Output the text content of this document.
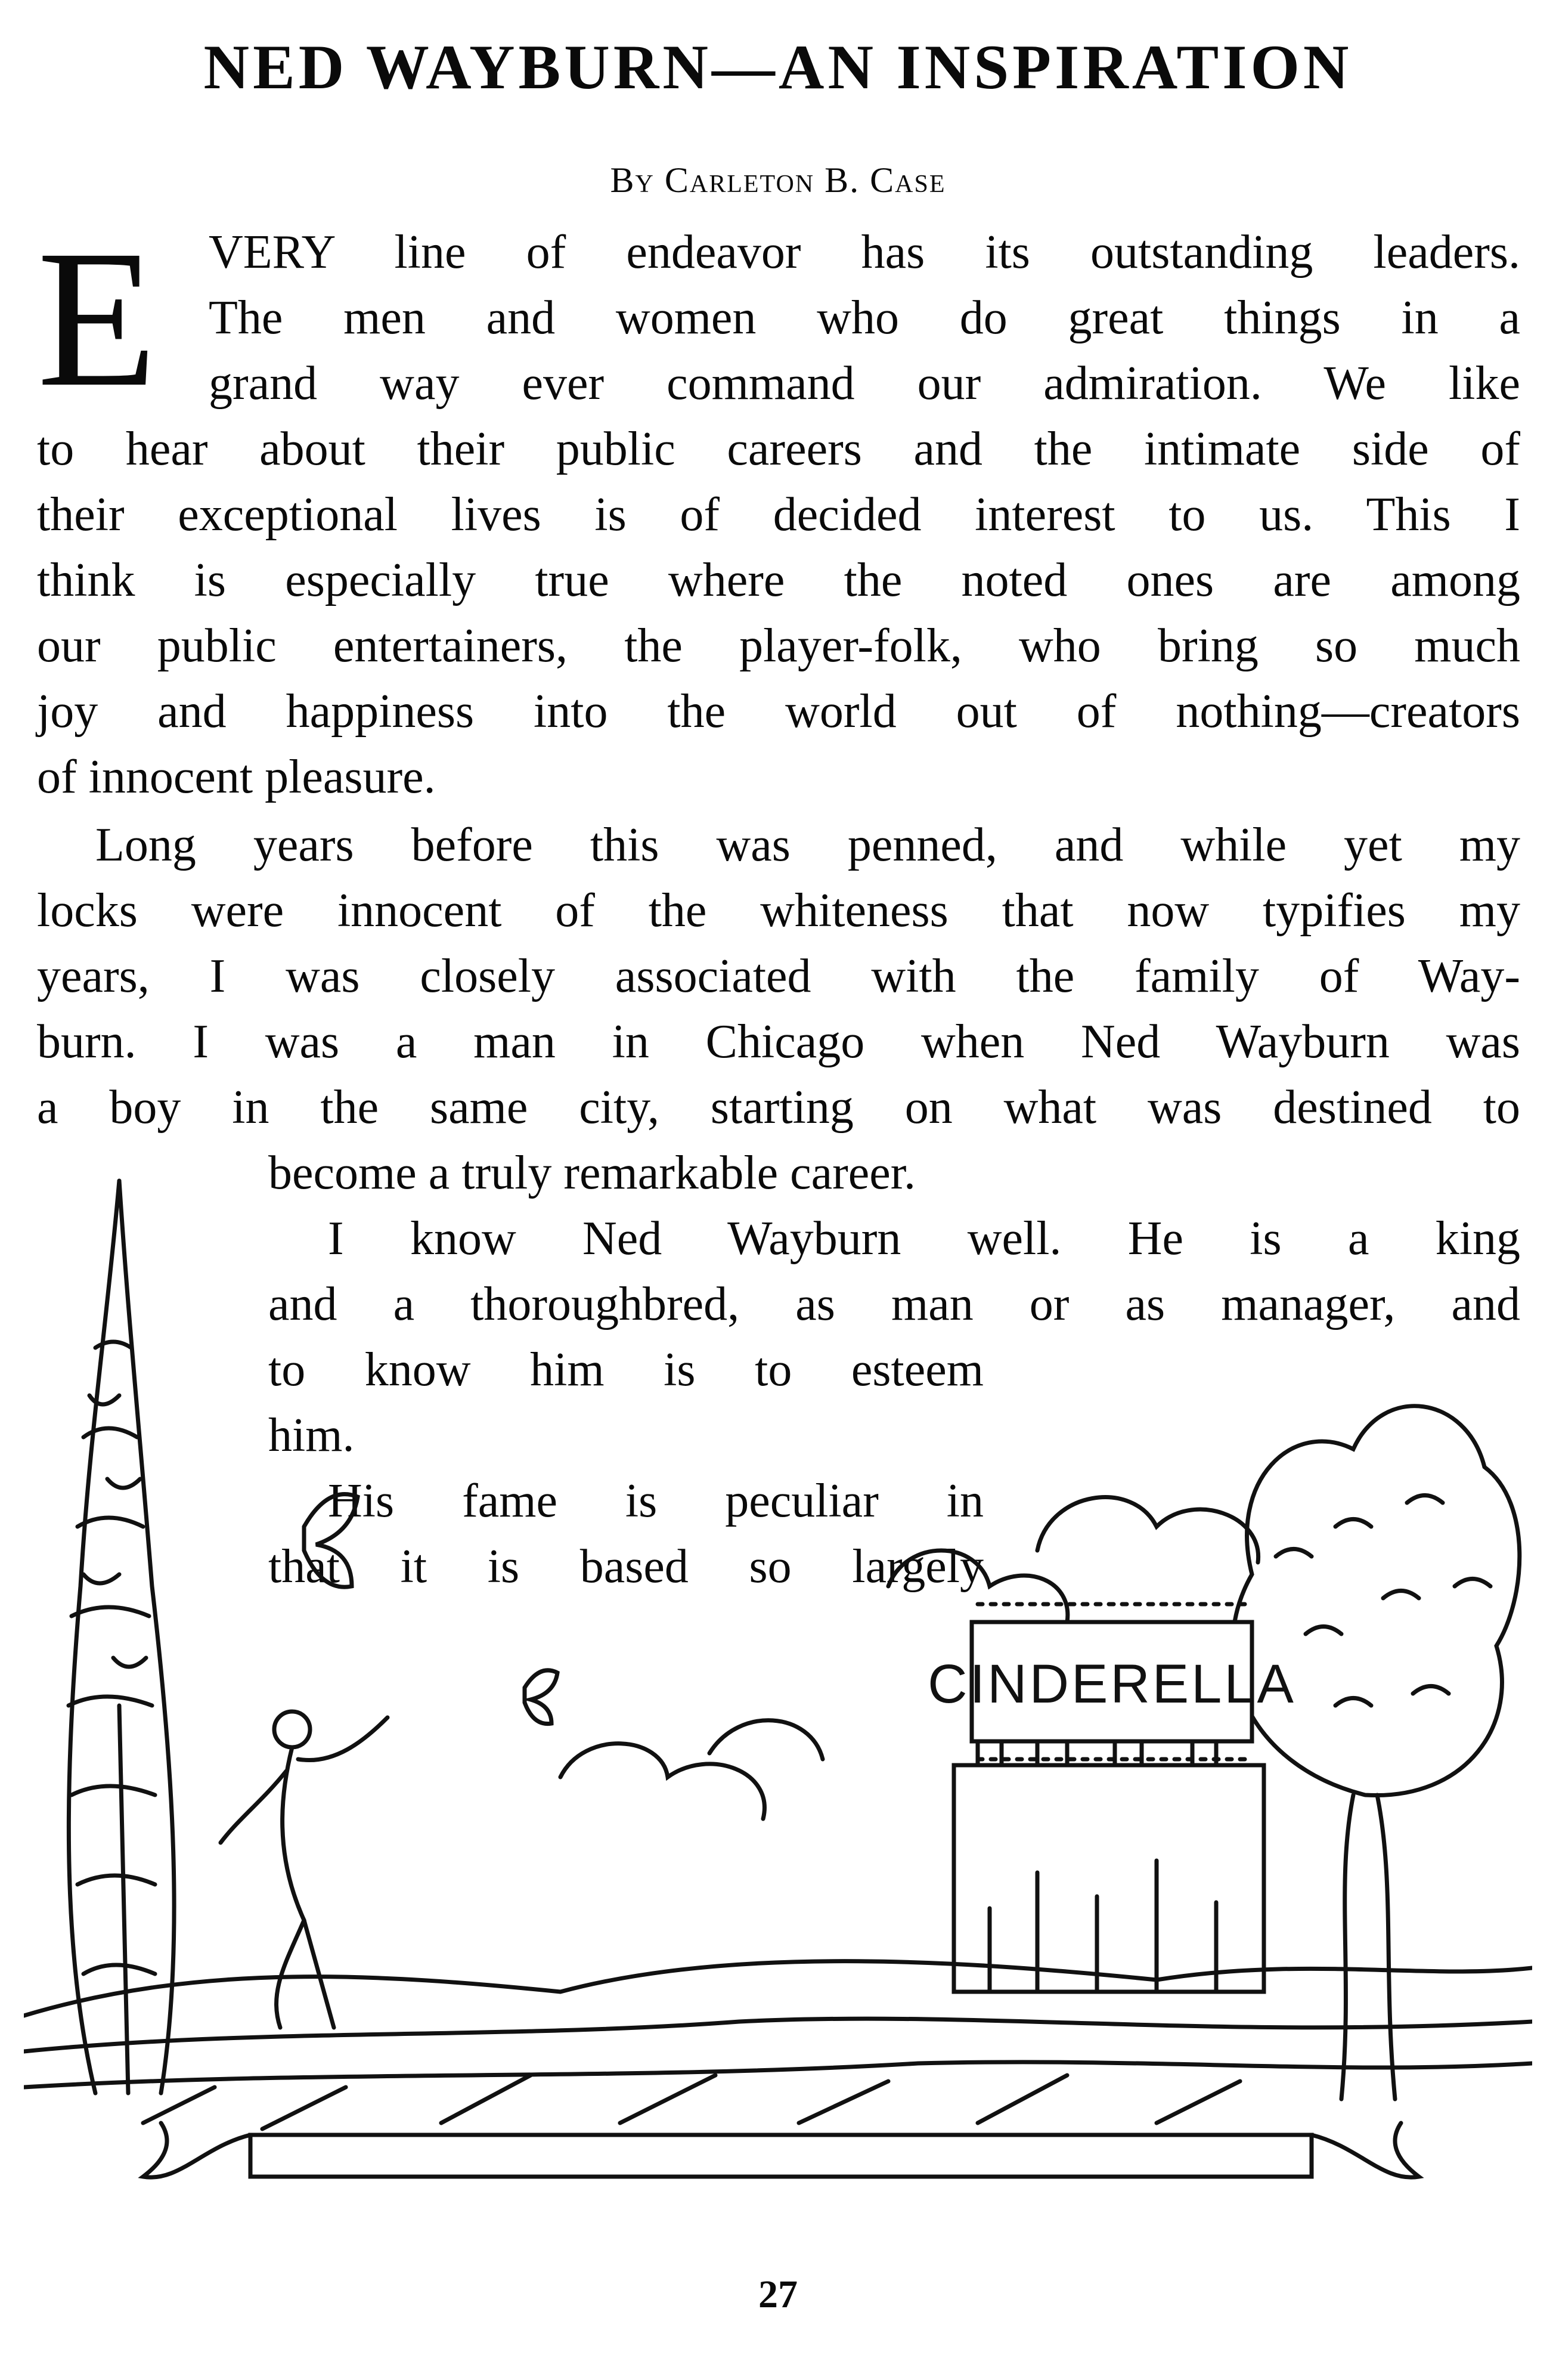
NED WAYBURN—AN INSPIRATION
By Carleton B. Case
E VERY line of endeavor has its outstanding leaders.
The men and women who do great things in a
grand way ever command our admiration. We like
to hear about their public careers and the intimate side of
their exceptional lives is of decided interest to us. This I
think is especially true where the noted ones are among
our public entertainers, the player-folk, who bring so much
joy and happiness into the world out of nothing—creators
of innocent pleasure.
Long years before this was penned, and while yet my
locks were innocent of the whiteness that now typifies my
years, I was closely associated with the family of Way-
burn. I was a man in Chicago when Ned Wayburn was
a boy in the same city, starting on what was destined to
become a truly remarkable career.
I know Ned Wayburn well. He is a king
and a thoroughbred, as man or as manager, and
to know him is to esteem
him.
His fame is peculiar in
that it is based so largely
CINDERELLA
27
